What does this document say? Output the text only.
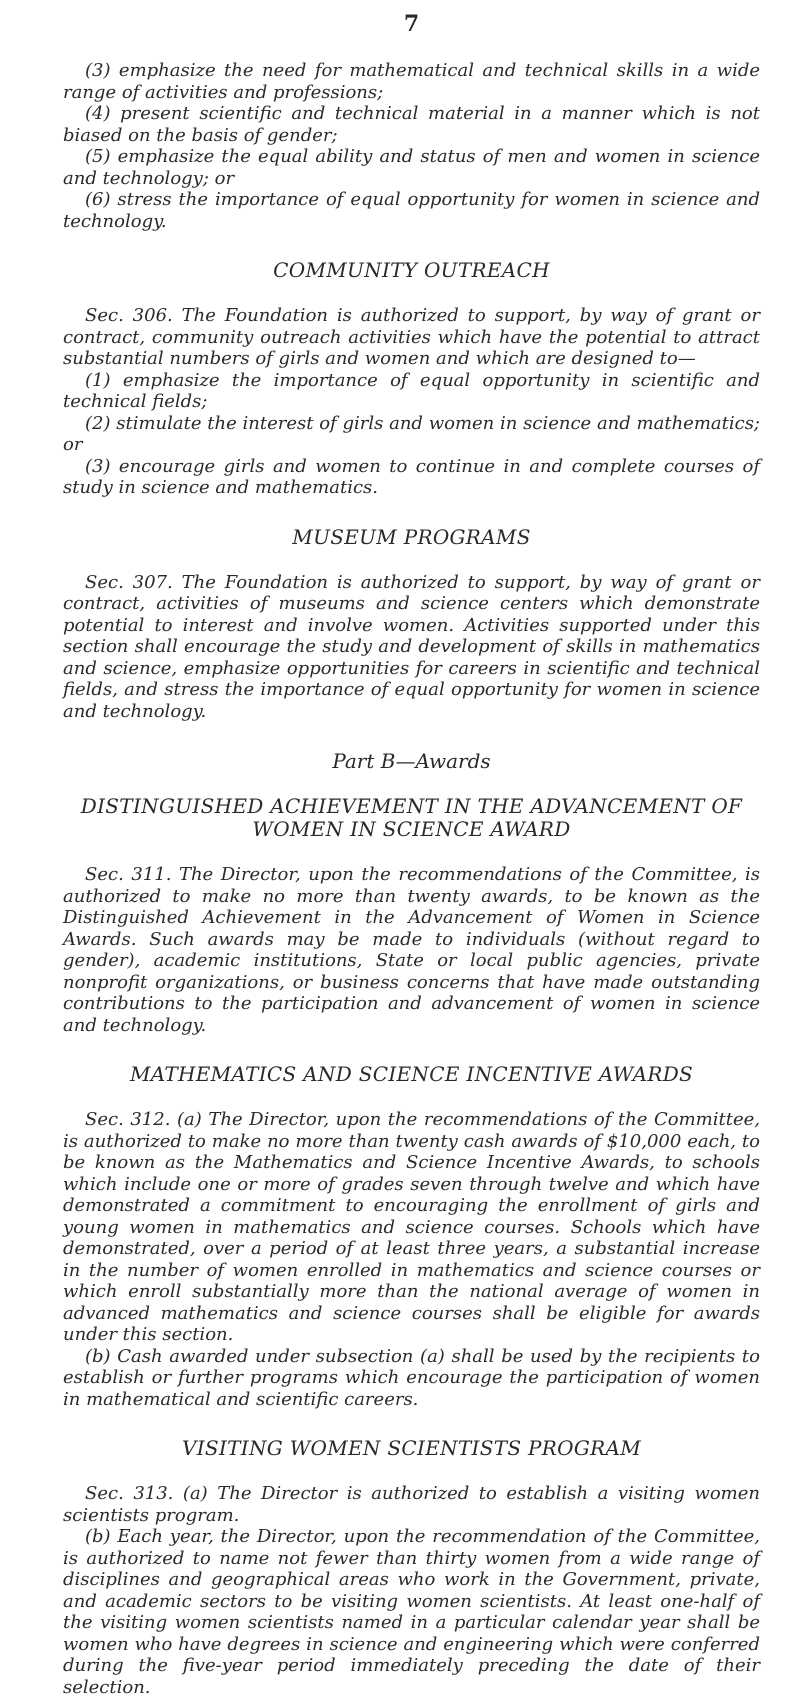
7

(3) emphasize the need for mathematical and technical skills in a wide range of activities and professions;

(4) present scientific and technical material in a manner which is not biased on the basis of gender;

(5) emphasize the equal ability and status of men and women in science and technology; or

(6) stress the importance of equal opportunity for women in science and technology.

COMMUNITY OUTREACH

Sec. 306. The Foundation is authorized to support, by way of grant or contract, community outreach activities which have the potential to attract substantial numbers of girls and women and which are designed to—

(1) emphasize the importance of equal opportunity in scientific and technical fields;

(2) stimulate the interest of girls and women in science and mathematics; or

(3) encourage girls and women to continue in and complete courses of study in science and mathematics.

MUSEUM PROGRAMS

Sec. 307. The Foundation is authorized to support, by way of grant or contract, activities of museums and science centers which demonstrate potential to interest and involve women. Activities supported under this section shall encourage the study and development of skills in mathematics and science, emphasize opportunities for careers in scientific and technical fields, and stress the importance of equal opportunity for women in science and technology.

Part B—Awards
DISTINGUISHED ACHIEVEMENT IN THE ADVANCEMENT OF WOMEN IN SCIENCE AWARD

Sec. 311. The Director, upon the recommendations of the Committee, is authorized to make no more than twenty awards, to be known as the Distinguished Achievement in the Advancement of Women in Science Awards. Such awards may be made to individuals (without regard to gender), academic institutions, State or local public agencies, private nonprofit organizations, or business concerns that have made outstanding contributions to the participation and advancement of women in science and technology.

MATHEMATICS AND SCIENCE INCENTIVE AWARDS

Sec. 312. (a) The Director, upon the recommendations of the Committee, is authorized to make no more than twenty cash awards of $10,000 each, to be known as the Mathematics and Science Incentive Awards, to schools which include one or more of grades seven through twelve and which have demonstrated a commitment to encouraging the enrollment of girls and young women in mathematics and science courses. Schools which have demonstrated, over a period of at least three years, a substantial increase in the number of women enrolled in mathematics and science courses or which enroll substantially more than the national average of women in advanced mathematics and science courses shall be eligible for awards under this section.

(b) Cash awarded under subsection (a) shall be used by the recipients to establish or further programs which encourage the participation of women in mathematical and scientific careers.

VISITING WOMEN SCIENTISTS PROGRAM

Sec. 313. (a) The Director is authorized to establish a visiting women scientists program.

(b) Each year, the Director, upon the recommendation of the Committee, is authorized to name not fewer than thirty women from a wide range of disciplines and geographical areas who work in the Government, private, and academic sectors to be visiting women scientists. At least one-half of the visiting women scientists named in a particular calendar year shall be women who have degrees in science and engineering which were conferred during the five-year period immediately preceding the date of their selection.
